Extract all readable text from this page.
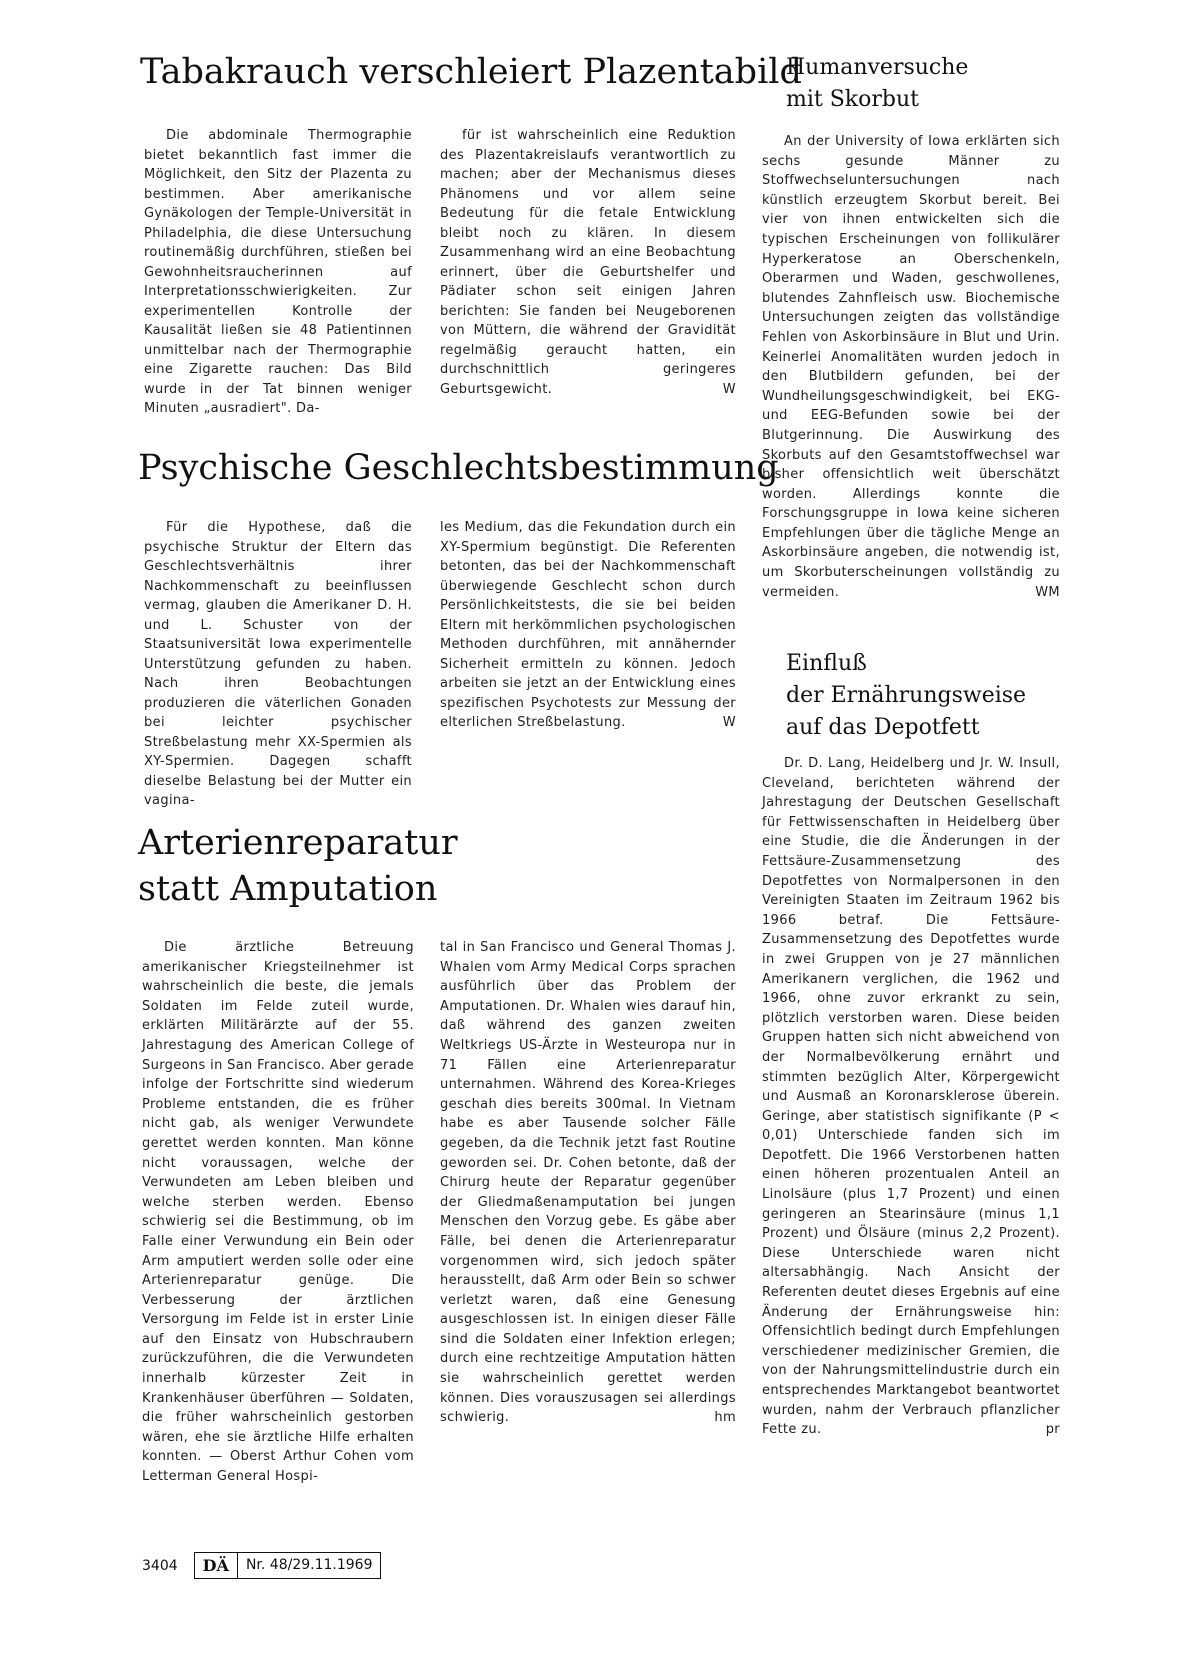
Tabakrauch verschleiert Plazentabild

Die abdominale Thermographie bietet bekanntlich fast immer die Möglichkeit, den Sitz der Plazenta zu bestimmen. Aber amerikanische Gynäkologen der Temple-Universität in Philadelphia, die diese Untersuchung routinemäßig durchführen, stießen bei Gewohnheitsraucherinnen auf Interpretationsschwierigkeiten. Zur experimentellen Kontrolle der Kausalität ließen sie 48 Patientinnen unmittelbar nach der Thermographie eine Zigarette rauchen: Das Bild wurde in der Tat binnen weniger Minuten „ausradiert". Da-

für ist wahrscheinlich eine Reduktion des Plazentakreislaufs verantwortlich zu machen; aber der Mechanismus dieses Phänomens und vor allem seine Bedeutung für die fetale Entwicklung bleibt noch zu klären. In diesem Zusammenhang wird an eine Beobachtung erinnert, über die Geburtshelfer und Pädiater schon seit einigen Jahren berichten: Sie fanden bei Neugeborenen von Müttern, die während der Gravidität regelmäßig geraucht hatten, ein durchschnittlich geringeres Geburtsgewicht.	W

Psychische Geschlechtsbestimmung

Für die Hypothese, daß die psychische Struktur der Eltern das Geschlechtsverhältnis ihrer Nachkommenschaft zu beeinflussen vermag, glauben die Amerikaner D. H. und L. Schuster von der Staatsuniversität Iowa experimentelle Unterstützung gefunden zu haben. Nach ihren Beobachtungen produzieren die väterlichen Gonaden bei leichter psychischer Streßbelastung mehr XX-Spermien als XY-Spermien. Dagegen schafft dieselbe Belastung bei der Mutter ein vagina-

les Medium, das die Fekundation durch ein XY-Spermium begünstigt. Die Referenten betonten, das bei der Nachkommenschaft überwiegende Geschlecht schon durch Persönlichkeitstests, die sie bei beiden Eltern mit herkömmlichen psychologischen Methoden durchführen, mit annähernder Sicherheit ermitteln zu können. Jedoch arbeiten sie jetzt an der Entwicklung eines spezifischen Psychotests zur Messung der elterlichen Streßbelastung.	W

Arterienreparatur
statt Amputation

Die ärztliche Betreuung amerikanischer Kriegsteilnehmer ist wahrscheinlich die beste, die jemals Soldaten im Felde zuteil wurde, erklärten Militärärzte auf der 55. Jahrestagung des American College of Surgeons in San Francisco. Aber gerade infolge der Fortschritte sind wiederum Probleme entstanden, die es früher nicht gab, als weniger Verwundete gerettet werden konnten. Man könne nicht voraussagen, welche der Verwundeten am Leben bleiben und welche sterben werden. Ebenso schwierig sei die Bestimmung, ob im Falle einer Verwundung ein Bein oder Arm amputiert werden solle oder eine Arterienreparatur genüge. Die Verbesserung der ärztlichen Versorgung im Felde ist in erster Linie auf den Einsatz von Hubschraubern zurückzuführen, die die Verwundeten innerhalb kürzester Zeit in Krankenhäuser überführen — Soldaten, die früher wahrscheinlich gestorben wären, ehe sie ärztliche Hilfe erhalten konnten. — Oberst Arthur Cohen vom Letterman General Hospi-

tal in San Francisco und General Thomas J. Whalen vom Army Medical Corps sprachen ausführlich über das Problem der Amputationen. Dr. Whalen wies darauf hin, daß während des ganzen zweiten Weltkriegs US-Ärzte in Westeuropa nur in 71 Fällen eine Arterienreparatur unternahmen. Während des Korea-Krieges geschah dies bereits 300mal. In Vietnam habe es aber Tausende solcher Fälle gegeben, da die Technik jetzt fast Routine geworden sei. Dr. Cohen betonte, daß der Chirurg heute der Reparatur gegenüber der Gliedmaßenamputation bei jungen Menschen den Vorzug gebe. Es gäbe aber Fälle, bei denen die Arterienreparatur vorgenommen wird, sich jedoch später herausstellt, daß Arm oder Bein so schwer verletzt waren, daß eine Genesung ausgeschlossen ist. In einigen dieser Fälle sind die Soldaten einer Infektion erlegen; durch eine rechtzeitige Amputation hätten sie wahrscheinlich gerettet werden können. Dies vorauszusagen sei allerdings schwierig.	hm

Humanversuche
mit Skorbut

An der University of Iowa erklärten sich sechs gesunde Männer zu Stoffwechseluntersuchungen nach künstlich erzeugtem Skorbut bereit. Bei vier von ihnen entwickelten sich die typischen Erscheinungen von follikulärer Hyperkeratose an Oberschenkeln, Oberarmen und Waden, geschwollenes, blutendes Zahnfleisch usw. Biochemische Untersuchungen zeigten das vollständige Fehlen von Askorbinsäure in Blut und Urin. Keinerlei Anomalitäten wurden jedoch in den Blutbildern gefunden, bei der Wundheilungsgeschwindigkeit, bei EKG- und EEG-Befunden sowie bei der Blutgerinnung. Die Auswirkung des Skorbuts auf den Gesamtstoffwechsel war bisher offensichtlich weit überschätzt worden. Allerdings konnte die Forschungsgruppe in Iowa keine sicheren Empfehlungen über die tägliche Menge an Askorbinsäure angeben, die notwendig ist, um Skorbuterscheinungen vollständig zu vermeiden.	WM

Einfluß
der Ernährungsweise
auf das Depotfett

Dr. D. Lang, Heidelberg und Jr. W. Insull, Cleveland, berichteten während der Jahrestagung der Deutschen Gesellschaft für Fettwissenschaften in Heidelberg über eine Studie, die die Änderungen in der Fettsäure-Zusammensetzung des Depotfettes von Normalpersonen in den Vereinigten Staaten im Zeitraum 1962 bis 1966 betraf. Die Fettsäure-Zusammensetzung des Depotfettes wurde in zwei Gruppen von je 27 männlichen Amerikanern verglichen, die 1962 und 1966, ohne zuvor erkrankt zu sein, plötzlich verstorben waren. Diese beiden Gruppen hatten sich nicht abweichend von der Normalbevölkerung ernährt und stimmten bezüglich Alter, Körpergewicht und Ausmaß an Koronarsklerose überein. Geringe, aber statistisch signifikante (P < 0,01) Unterschiede fanden sich im Depotfett. Die 1966 Verstorbenen hatten einen höheren prozentualen Anteil an Linolsäure (plus 1,7 Prozent) und einen geringeren an Stearinsäure (minus 1,1 Prozent) und Ölsäure (minus 2,2 Prozent). Diese Unterschiede waren nicht altersabhängig. Nach Ansicht der Referenten deutet dieses Ergebnis auf eine Änderung der Ernährungsweise hin: Offensichtlich bedingt durch Empfehlungen verschiedener medizinischer Gremien, die von der Nahrungsmittelindustrie durch ein entsprechendes Marktangebot beantwortet wurden, nahm der Verbrauch pflanzlicher Fette zu.	pr

3404	DÄ	Nr. 48/29.11.1969
